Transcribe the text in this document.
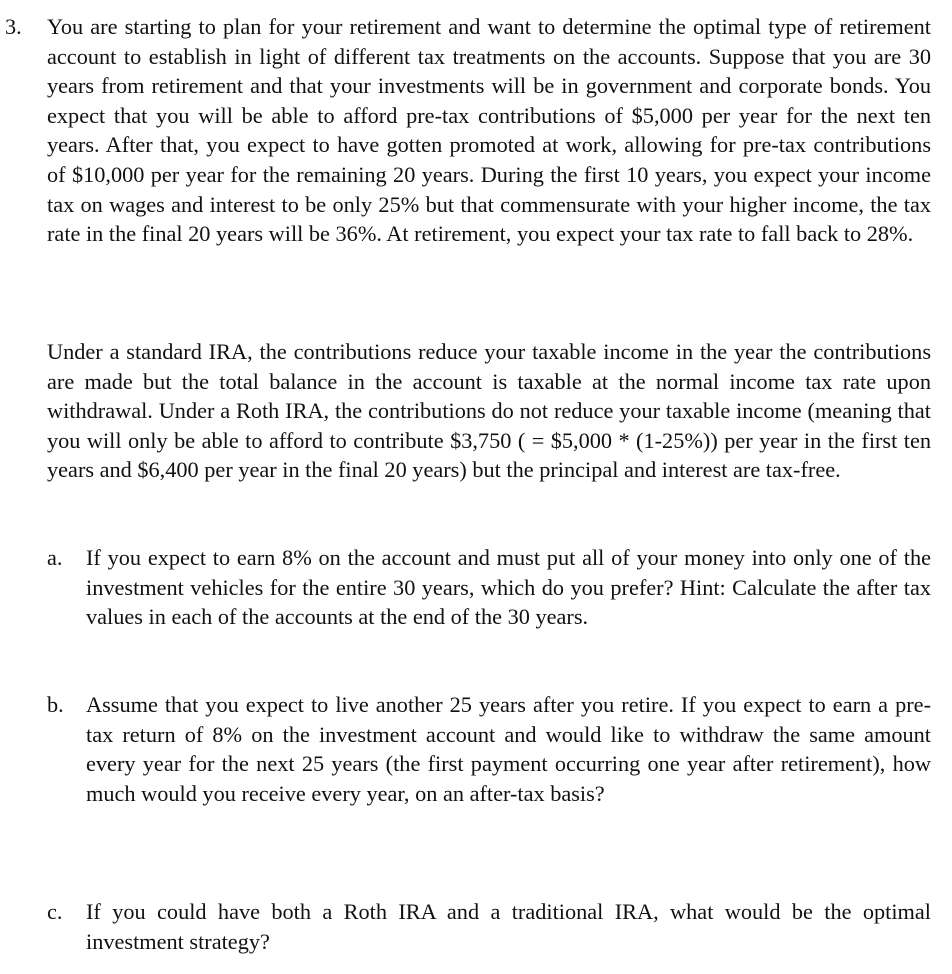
3. You are starting to plan for your retirement and want to determine the optimal type of retirement account to establish in light of different tax treatments on the accounts. Suppose that you are 30 years from retirement and that your investments will be in government and corporate bonds. You expect that you will be able to afford pre-tax contributions of $5,000 per year for the next ten years. After that, you expect to have gotten promoted at work, allowing for pre-tax contributions of $10,000 per year for the remaining 20 years. During the first 10 years, you expect your income tax on wages and interest to be only 25% but that commensurate with your higher income, the tax rate in the final 20 years will be 36%. At retirement, you expect your tax rate to fall back to 28%.
Under a standard IRA, the contributions reduce your taxable income in the year the contributions are made but the total balance in the account is taxable at the normal income tax rate upon withdrawal. Under a Roth IRA, the contributions do not reduce your taxable income (meaning that you will only be able to afford to contribute $3,750 ( = $5,000 * (1-25%)) per year in the first ten years and $6,400 per year in the final 20 years) but the principal and interest are tax-free.
a. If you expect to earn 8% on the account and must put all of your money into only one of the investment vehicles for the entire 30 years, which do you prefer? Hint: Calculate the after tax values in each of the accounts at the end of the 30 years.
b. Assume that you expect to live another 25 years after you retire. If you expect to earn a pre-tax return of 8% on the investment account and would like to withdraw the same amount every year for the next 25 years (the first payment occurring one year after retirement), how much would you receive every year, on an after-tax basis?
c. If you could have both a Roth IRA and a traditional IRA, what would be the optimal investment strategy?
